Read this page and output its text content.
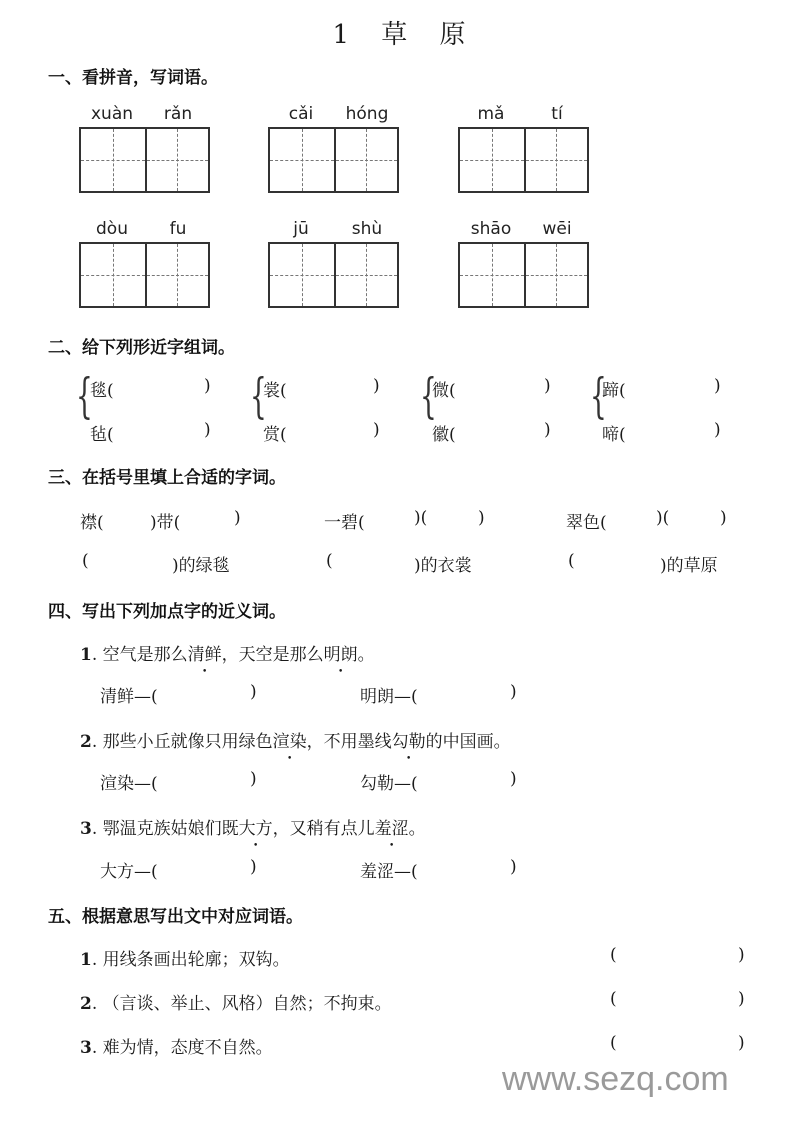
1 草 原
一、看拼音，写词语。
xuàn	rǎn	cǎi	hóng	mǎ	tí
dòu	fu	jū	shù	shāo	wēi
二、给下列形近字组词。
{
毯(	)
毡(	)
{
裳(	)
赏(	)
{
微(	)
徽(	)
{
蹄(	)
啼(	)
三、在括号里填上合适的字词。
襟(	)带(	)	一碧(	)(	)	翠色(	)(	)
(	)的绿毯	(	)的衣裳	(	)的草原
四、写出下列加点字的近义词。
1. 空气是那么清鲜，天空是那么明朗。
清鲜—(	)	明朗—(	)
2. 那些小丘就像只用绿色渲染，不用墨线勾勒的中国画。
渲染—(	)	勾勒—(	)
3. 鄂温克族姑娘们既大方，又稍有点儿羞涩。
大方—(	)	羞涩—(	)
五、根据意思写出文中对应词语。
1. 用线条画出轮廓；双钩。	(	)
2. （言谈、举止、风格）自然；不拘束。	(	)
3. 难为情，态度不自然。	(	)
www.sezq.com
